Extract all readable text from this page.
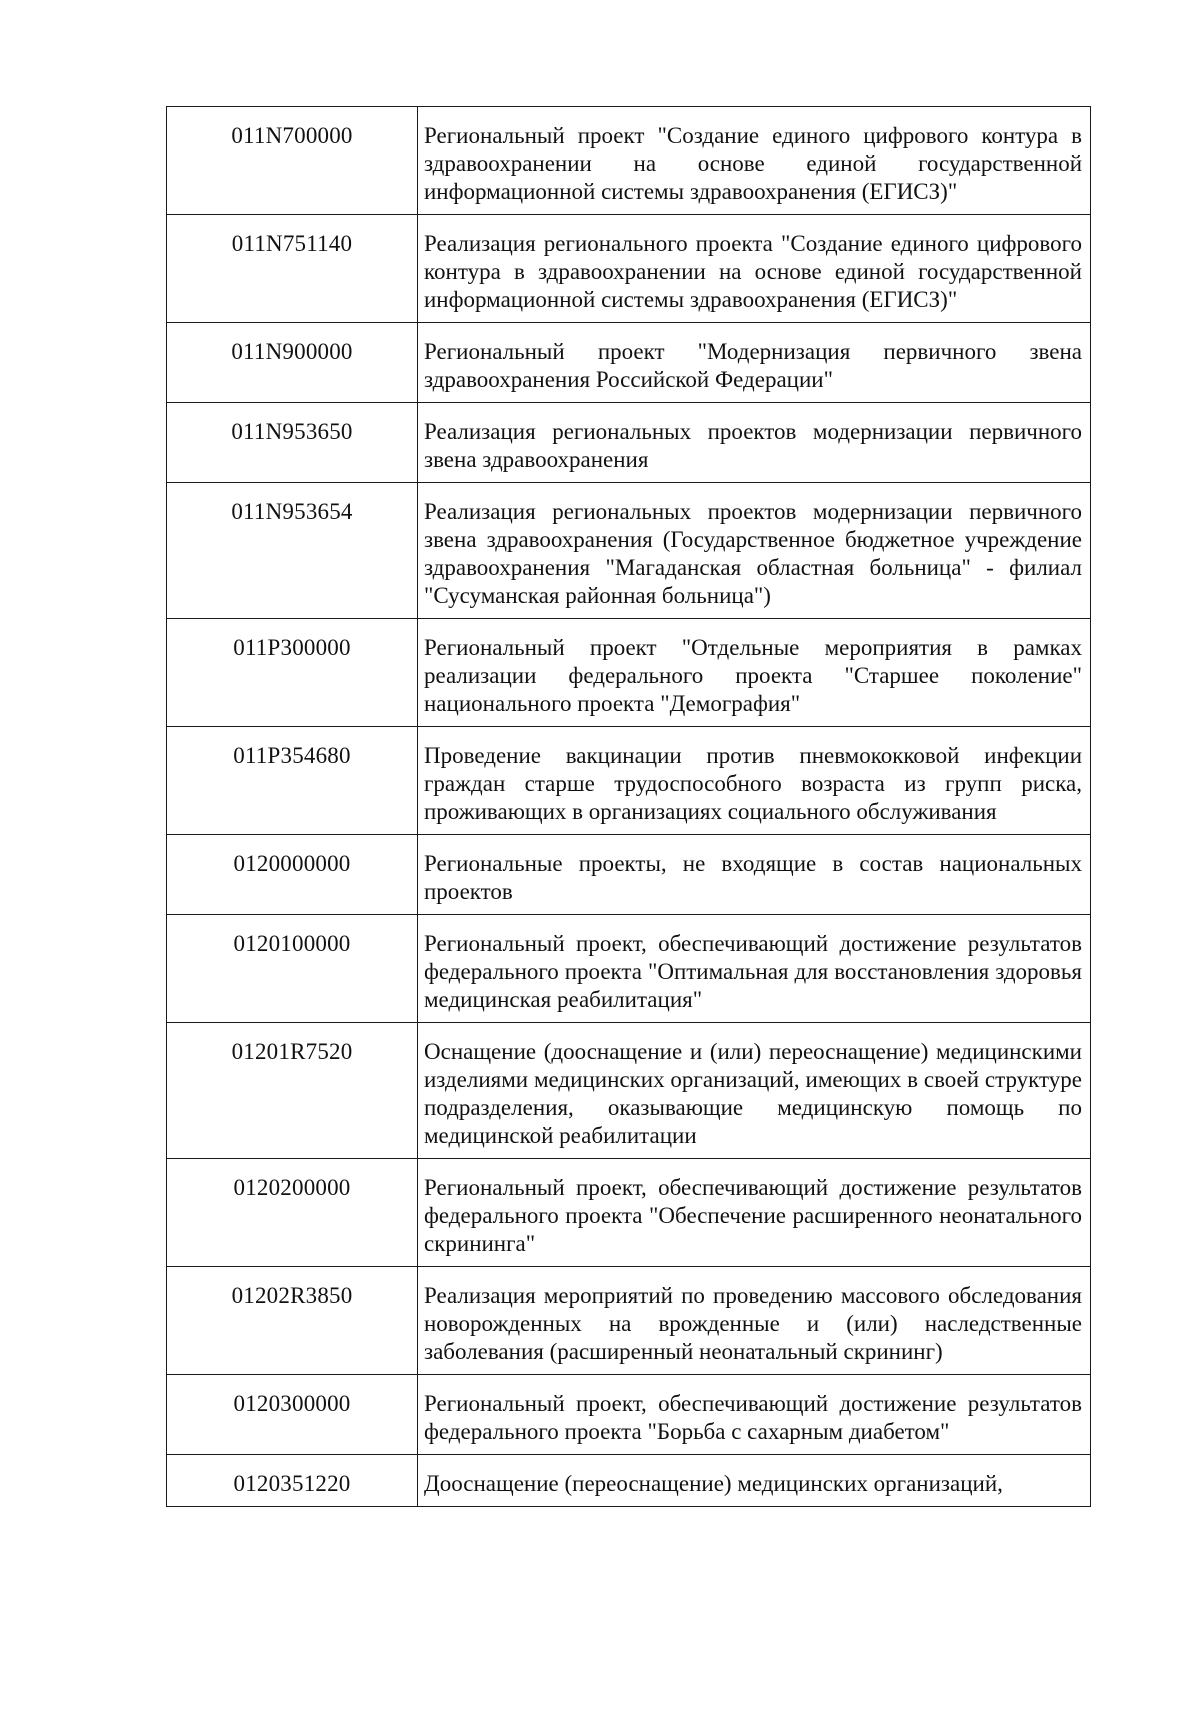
011N700000	Региональный проект "Создание единого цифрового контура в здравоохранении на основе единой государственной информационной системы здравоохранения (ЕГИСЗ)"
011N751140	Реализация регионального проекта "Создание единого цифрового контура в здравоохранении на основе единой государственной информационной системы здравоохранения (ЕГИСЗ)"
011N900000	Региональный проект "Модернизация первичного звена здравоохранения Российской Федерации"
011N953650	Реализация региональных проектов модернизации первичного звена здравоохранения
011N953654	Реализация региональных проектов модернизации первичного звена здравоохранения (Государственное бюджетное учреждение здравоохранения "Магаданская областная больница" - филиал "Сусуманская районная больница")
011P300000	Региональный проект "Отдельные мероприятия в рамках реализации федерального проекта "Старшее поколение" национального проекта "Демография"
011P354680	Проведение вакцинации против пневмококковой инфекции граждан старше трудоспособного возраста из групп риска, проживающих в организациях социального обслуживания
0120000000	Региональные проекты, не входящие в состав национальных проектов
0120100000	Региональный проект, обеспечивающий достижение результатов федерального проекта "Оптимальная для восстановления здоровья медицинская реабилитация"
01201R7520	Оснащение (дооснащение и (или) переоснащение) медицинскими изделиями медицинских организаций, имеющих в своей структуре подразделения, оказывающие медицинскую помощь по медицинской реабилитации
0120200000	Региональный проект, обеспечивающий достижение результатов федерального проекта "Обеспечение расширенного неонатального скрининга"
01202R3850	Реализация мероприятий по проведению массового обследования новорожденных на врожденные и (или) наследственные заболевания (расширенный неонатальный скрининг)
0120300000	Региональный проект, обеспечивающий достижение результатов федерального проекта "Борьба с сахарным диабетом"
0120351220	Дооснащение (переоснащение) медицинских организаций,
